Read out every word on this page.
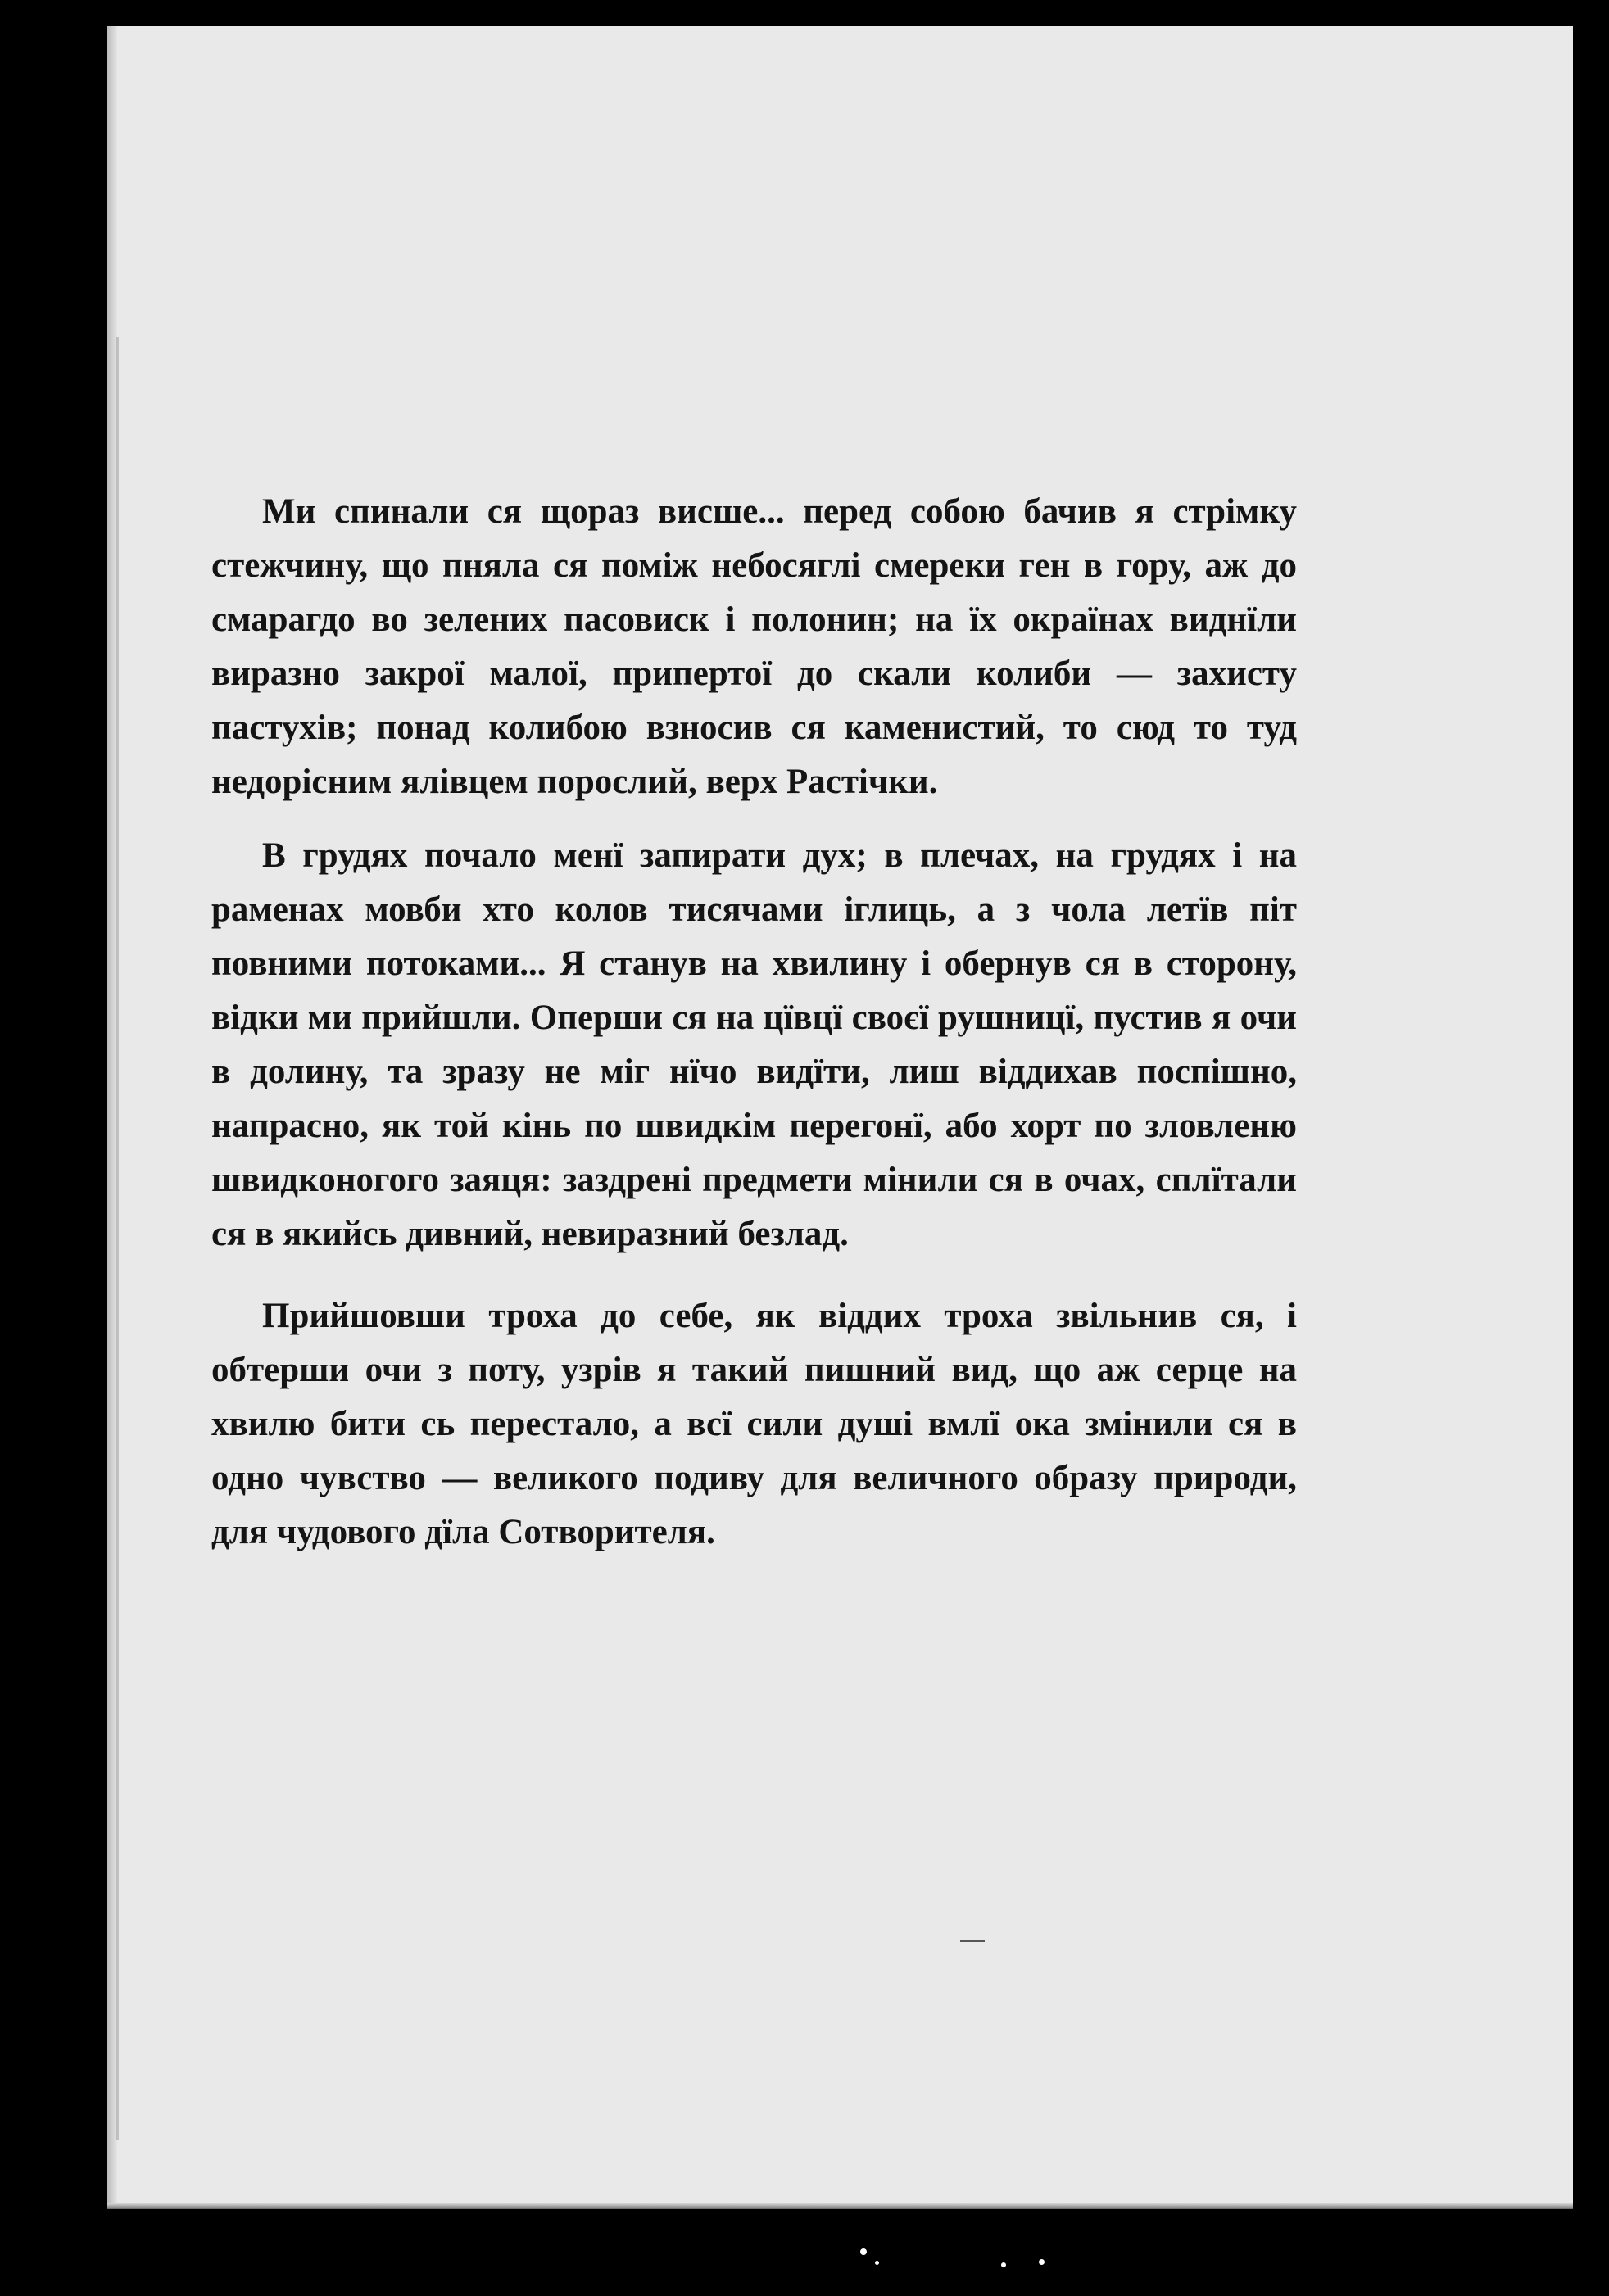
Ми спинали ся щораз висше... перед собою бачив я стрімку стежчину, що пняла ся поміж небосяглі смереки ген в гору, аж до смарагдо во зелених пасовиск і полонин; на їх окраїнах виднїли виразно закрої малої, припертої до скали колиби — захисту пастухів; понад колибою взносив ся каменистий, то сюд то туд недорісним ялівцем порослий, верх Растічки.

В грудях почало менї запирати дух; в плечах, на грудях і на раменах мовби хто колов тисячами іглиць, а з чола летїв піт повними потоками... Я станув на хвилину і обернув ся в сторону, відки ми прийшли. Оперши ся на цївцї своєї рушницї, пустив я очи в долину, та зразу не міг нїчо видїти, лиш віддихав поспішно, напрасно, як той кінь по швидкім перегонї, або хорт по зловленю швидконогого заяця: заздрені предмети мінили ся в очах, сплїтали ся в якийсь дивний, невиразний безлад.

Прийшовши троха до себе, як віддих троха звільнив ся, і обтерши очи з поту, узрів я такий пишний вид, що аж серце на хвилю бити сь перестало, а всї сили душі вмлї ока змінили ся в одно чувство — великого подиву для величного образу природи, для чудового дїла Сотворителя.
